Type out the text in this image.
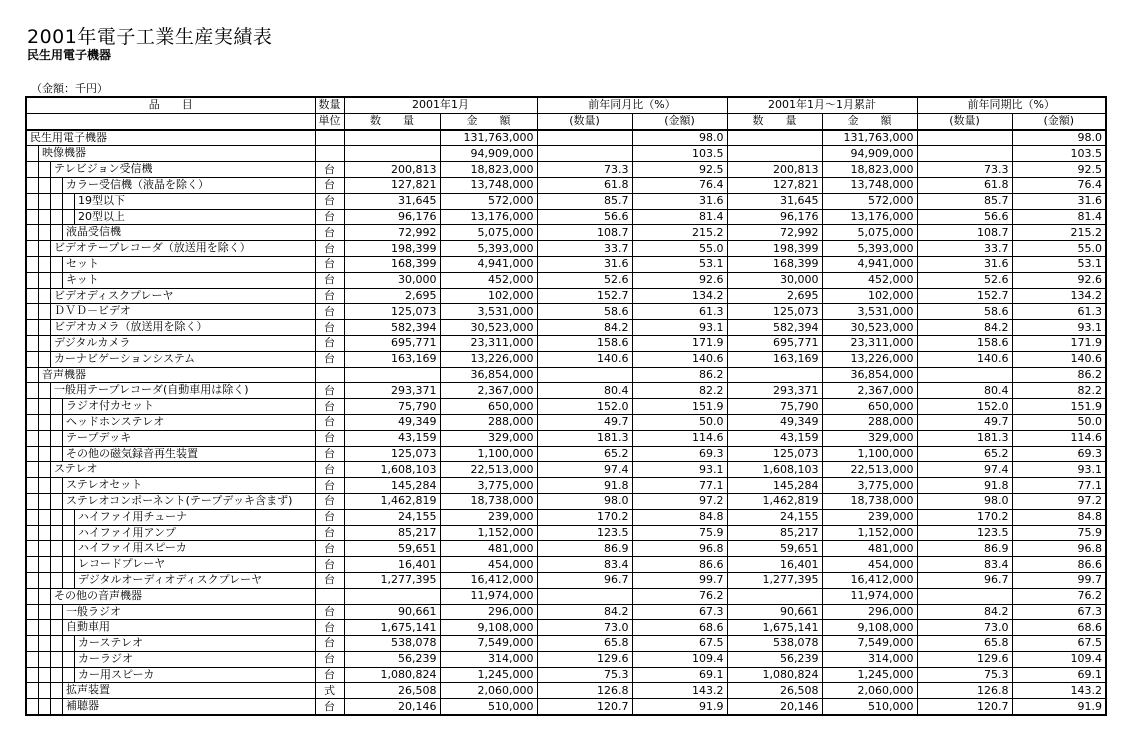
2001年電子工業生産実績表
民生用電子機器
（金額：千円）
品　　目	数量	2001年1月		前年同月比（%）		2001年1月～1月累計		前年同期比（%）	
	単位	数　　量	金　　額	(数量)	(金額)	数　　量	金　　額	(数量)	(金額)

民生用電子機器			131,763,000		98.0		131,763,000		98.0

映像機器			94,909,000		103.5		94,909,000		103.5

テレビジョン受信機	台	200,813	18,823,000	73.3	92.5	200,813	18,823,000	73.3	92.5

カラー受信機（液晶を除く）	台	127,821	13,748,000	61.8	76.4	127,821	13,748,000	61.8	76.4

19型以下	台	31,645	572,000	85.7	31.6	31,645	572,000	85.7	31.6

20型以上	台	96,176	13,176,000	56.6	81.4	96,176	13,176,000	56.6	81.4

液晶受信機	台	72,992	5,075,000	108.7	215.2	72,992	5,075,000	108.7	215.2

ビデオテープレコーダ（放送用を除く）	台	198,399	5,393,000	33.7	55.0	198,399	5,393,000	33.7	55.0

セット	台	168,399	4,941,000	31.6	53.1	168,399	4,941,000	31.6	53.1

キット	台	30,000	452,000	52.6	92.6	30,000	452,000	52.6	92.6

ビデオディスクプレーヤ	台	2,695	102,000	152.7	134.2	2,695	102,000	152.7	134.2

ＤＶＤ－ビデオ	台	125,073	3,531,000	58.6	61.3	125,073	3,531,000	58.6	61.3

ビデオカメラ（放送用を除く）	台	582,394	30,523,000	84.2	93.1	582,394	30,523,000	84.2	93.1

デジタルカメラ	台	695,771	23,311,000	158.6	171.9	695,771	23,311,000	158.6	171.9

カーナビゲーションシステム	台	163,169	13,226,000	140.6	140.6	163,169	13,226,000	140.6	140.6

音声機器			36,854,000		86.2		36,854,000		86.2

一般用テープレコーダ(自動車用は除く)	台	293,371	2,367,000	80.4	82.2	293,371	2,367,000	80.4	82.2

ラジオ付カセット	台	75,790	650,000	152.0	151.9	75,790	650,000	152.0	151.9

ヘッドホンステレオ	台	49,349	288,000	49.7	50.0	49,349	288,000	49.7	50.0

テープデッキ	台	43,159	329,000	181.3	114.6	43,159	329,000	181.3	114.6

その他の磁気録音再生装置	台	125,073	1,100,000	65.2	69.3	125,073	1,100,000	65.2	69.3

ステレオ	台	1,608,103	22,513,000	97.4	93.1	1,608,103	22,513,000	97.4	93.1

ステレオセット	台	145,284	3,775,000	91.8	77.1	145,284	3,775,000	91.8	77.1

ステレオコンポーネント(テープデッキ含まず)	台	1,462,819	18,738,000	98.0	97.2	1,462,819	18,738,000	98.0	97.2

ハイファイ用チューナ	台	24,155	239,000	170.2	84.8	24,155	239,000	170.2	84.8

ハイファイ用アンプ	台	85,217	1,152,000	123.5	75.9	85,217	1,152,000	123.5	75.9

ハイファイ用スピーカ	台	59,651	481,000	86.9	96.8	59,651	481,000	86.9	96.8

レコードプレーヤ	台	16,401	454,000	83.4	86.6	16,401	454,000	83.4	86.6

デジタルオーディオディスクプレーヤ	台	1,277,395	16,412,000	96.7	99.7	1,277,395	16,412,000	96.7	99.7

その他の音声機器			11,974,000		76.2		11,974,000		76.2

一般ラジオ	台	90,661	296,000	84.2	67.3	90,661	296,000	84.2	67.3

自動車用	台	1,675,141	9,108,000	73.0	68.6	1,675,141	9,108,000	73.0	68.6

カーステレオ	台	538,078	7,549,000	65.8	67.5	538,078	7,549,000	65.8	67.5

カーラジオ	台	56,239	314,000	129.6	109.4	56,239	314,000	129.6	109.4

カー用スピーカ	台	1,080,824	1,245,000	75.3	69.1	1,080,824	1,245,000	75.3	69.1

拡声装置	式	26,508	2,060,000	126.8	143.2	26,508	2,060,000	126.8	143.2

補聴器	台	20,146	510,000	120.7	91.9	20,146	510,000	120.7	91.9
